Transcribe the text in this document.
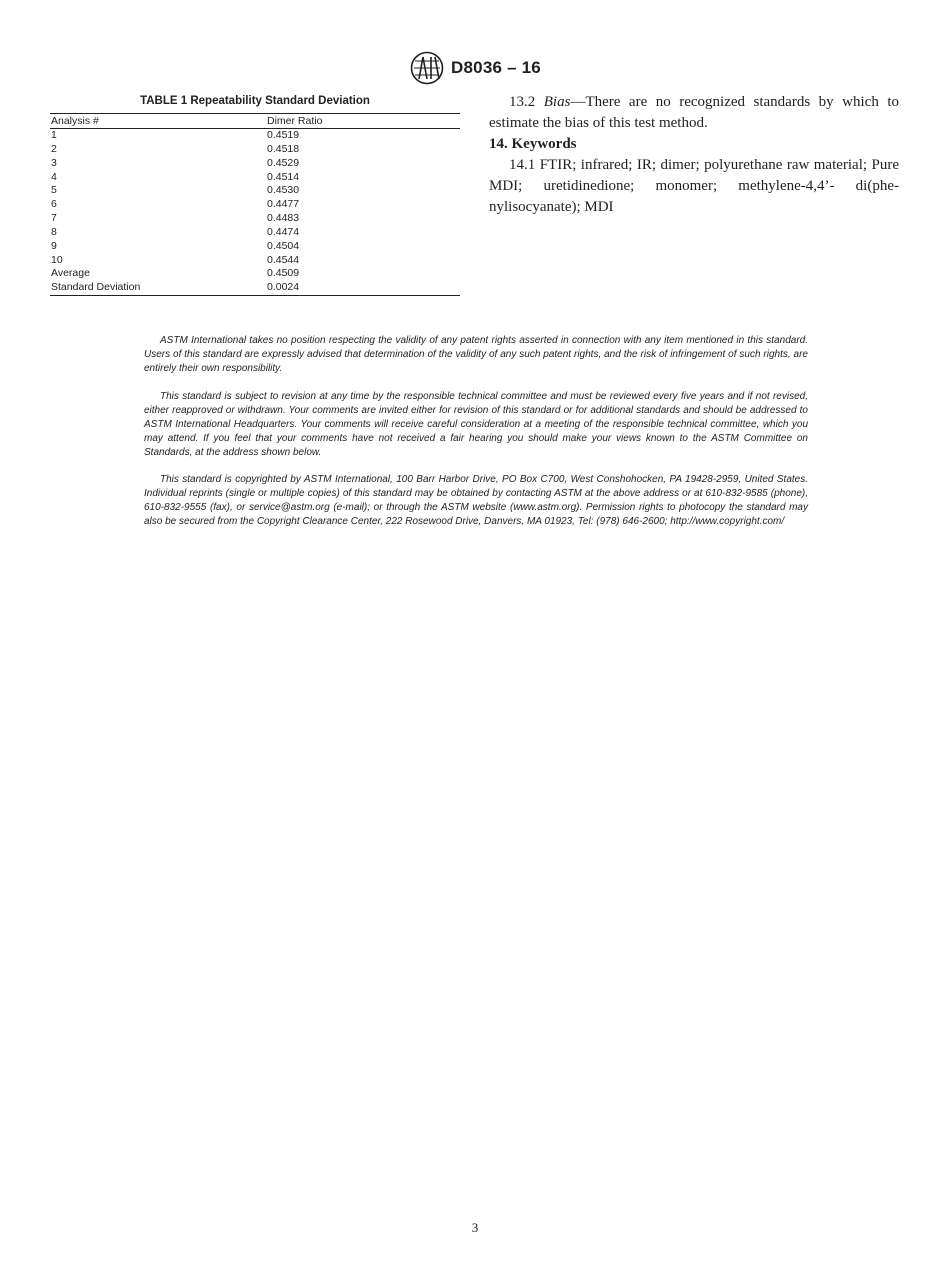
D8036 – 16
TABLE 1 Repeatability Standard Deviation
Analysis #	Dimer Ratio
1	0.4519
2	0.4518
3	0.4529
4	0.4514
5	0.4530
6	0.4477
7	0.4483
8	0.4474
9	0.4504
10	0.4544
Average	0.4509
Standard Deviation	0.0024

13.2 Bias—There are no recognized standards by which to estimate the bias of this test method.

14. Keywords

14.1 FTIR; infrared; IR; dimer; polyurethane raw material; Pure MDI; uretidinedione; monomer; methylene-4,4’- di(phe-nylisocyanate); MDI

ASTM International takes no position respecting the validity of any patent rights asserted in connection with any item mentioned in this standard. Users of this standard are expressly advised that determination of the validity of any such patent rights, and the risk of infringement of such rights, are entirely their own responsibility.

This standard is subject to revision at any time by the responsible technical committee and must be reviewed every five years and if not revised, either reapproved or withdrawn. Your comments are invited either for revision of this standard or for additional standards and should be addressed to ASTM International Headquarters. Your comments will receive careful consideration at a meeting of the responsible technical committee, which you may attend. If you feel that your comments have not received a fair hearing you should make your views known to the ASTM Committee on Standards, at the address shown below.

This standard is copyrighted by ASTM International, 100 Barr Harbor Drive, PO Box C700, West Conshohocken, PA 19428-2959, United States. Individual reprints (single or multiple copies) of this standard may be obtained by contacting ASTM at the above address or at 610-832-9585 (phone), 610-832-9555 (fax), or service@astm.org (e-mail); or through the ASTM website (www.astm.org). Permission rights to photocopy the standard may also be secured from the Copyright Clearance Center, 222 Rosewood Drive, Danvers, MA 01923, Tel: (978) 646-2600; http://www.copyright.com/

3
